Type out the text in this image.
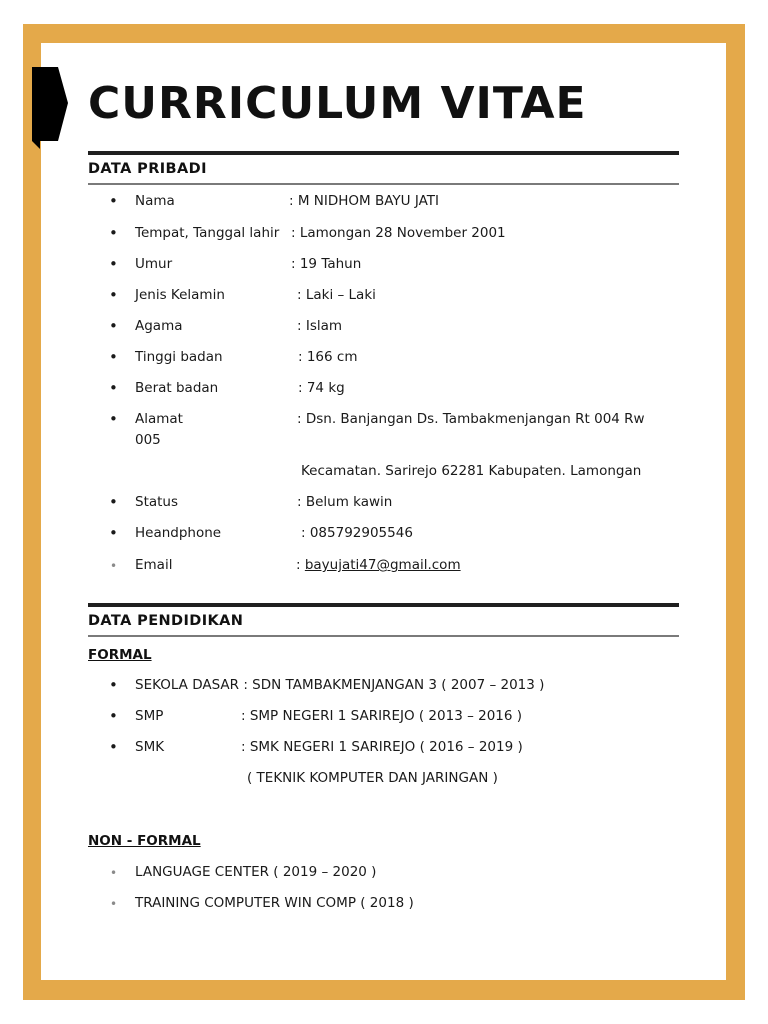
CURRICULUM VITAE
DATA PRIBADI
• Nama	: M NIDHOM BAYU JATI
• Tempat, Tanggal lahir : Lamongan 28 November 2001
• Umur	: 19 Tahun
• Jenis Kelamin	: Laki – Laki
• Agama	: Islam
• Tinggi badan	: 166 cm
• Berat badan	: 74 kg
• Alamat	: Dsn. Banjangan Ds. Tambakmenjangan Rt 004 Rw
005
Kecamatan. Sarirejo 62281 Kabupaten. Lamongan
• Status	: Belum kawin
• Heandphone	: 085792905546
• Email	: bayujati47@gmail.com
DATA PENDIDIKAN
FORMAL
• SEKOLA DASAR : SDN TAMBAKMENJANGAN 3 ( 2007 – 2013 )
• SMP	: SMP NEGERI 1 SARIREJO ( 2013 – 2016 )
• SMK	: SMK NEGERI 1 SARIREJO ( 2016 – 2019 )
( TEKNIK KOMPUTER DAN JARINGAN )
NON - FORMAL
• LANGUAGE CENTER ( 2019 – 2020 )
• TRAINING COMPUTER WIN COMP ( 2018 )
